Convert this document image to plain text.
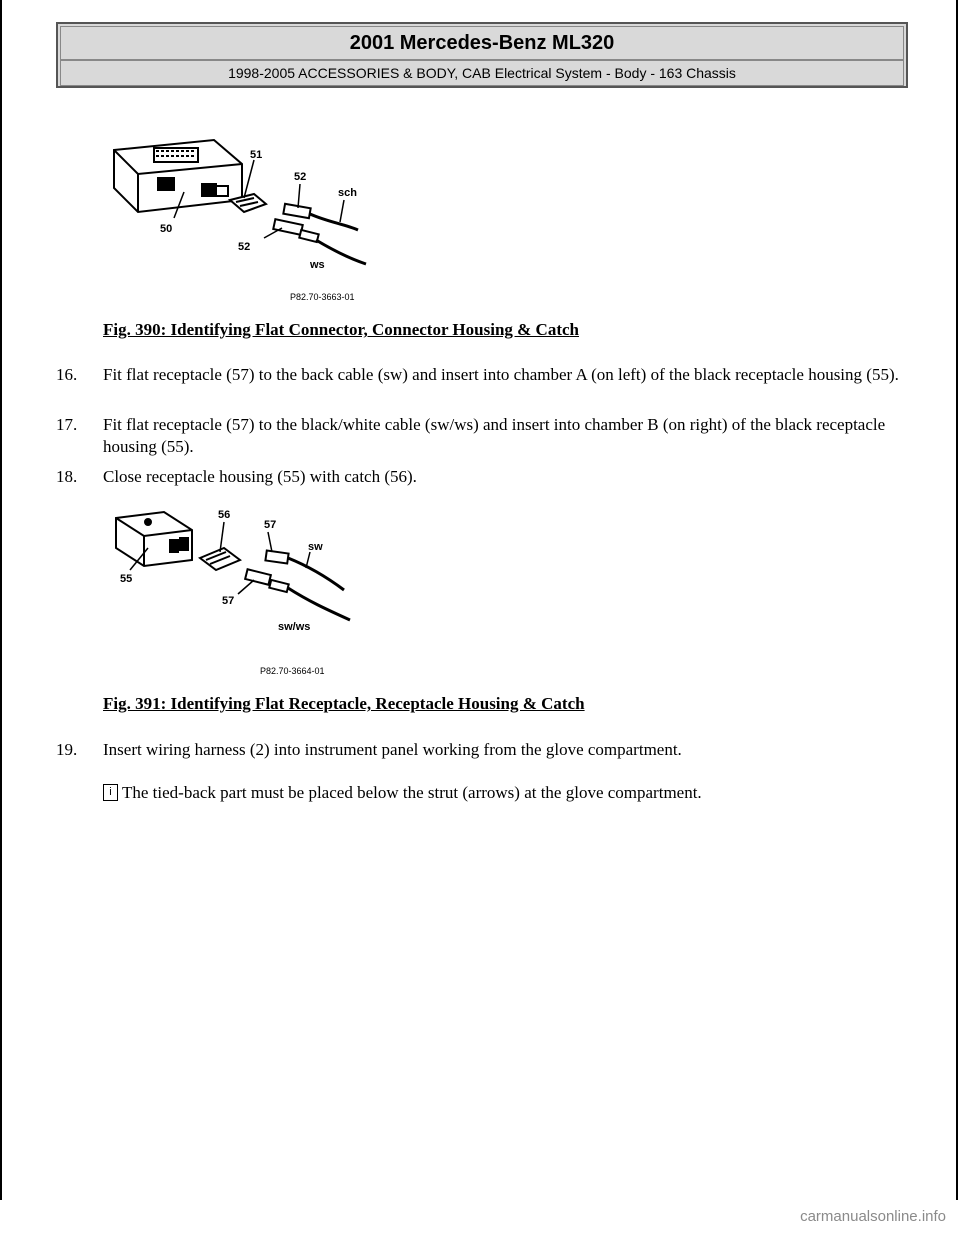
2001 Mercedes-Benz ML320
1998-2005 ACCESSORIES & BODY, CAB Electrical System - Body - 163 Chassis
50
51
52
sch
52
ws
P82.70-3663-01
Fig. 390: Identifying Flat Connector, Connector Housing & Catch
16. Fit flat receptacle (57) to the back cable (sw) and insert into chamber A (on left) of the black receptacle housing (55).
17. Fit flat receptacle (57) to the black/white cable (sw/ws) and insert into chamber B (on right) of the black receptacle housing (55).
18. Close receptacle housing (55) with catch (56).
55
56
57
sw
57
sw/ws
P82.70-3664-01
Fig. 391: Identifying Flat Receptacle, Receptacle Housing & Catch
19. Insert wiring harness (2) into instrument panel working from the glove compartment.
i The tied-back part must be placed below the strut (arrows) at the glove compartment.
carmanualsonline.info
